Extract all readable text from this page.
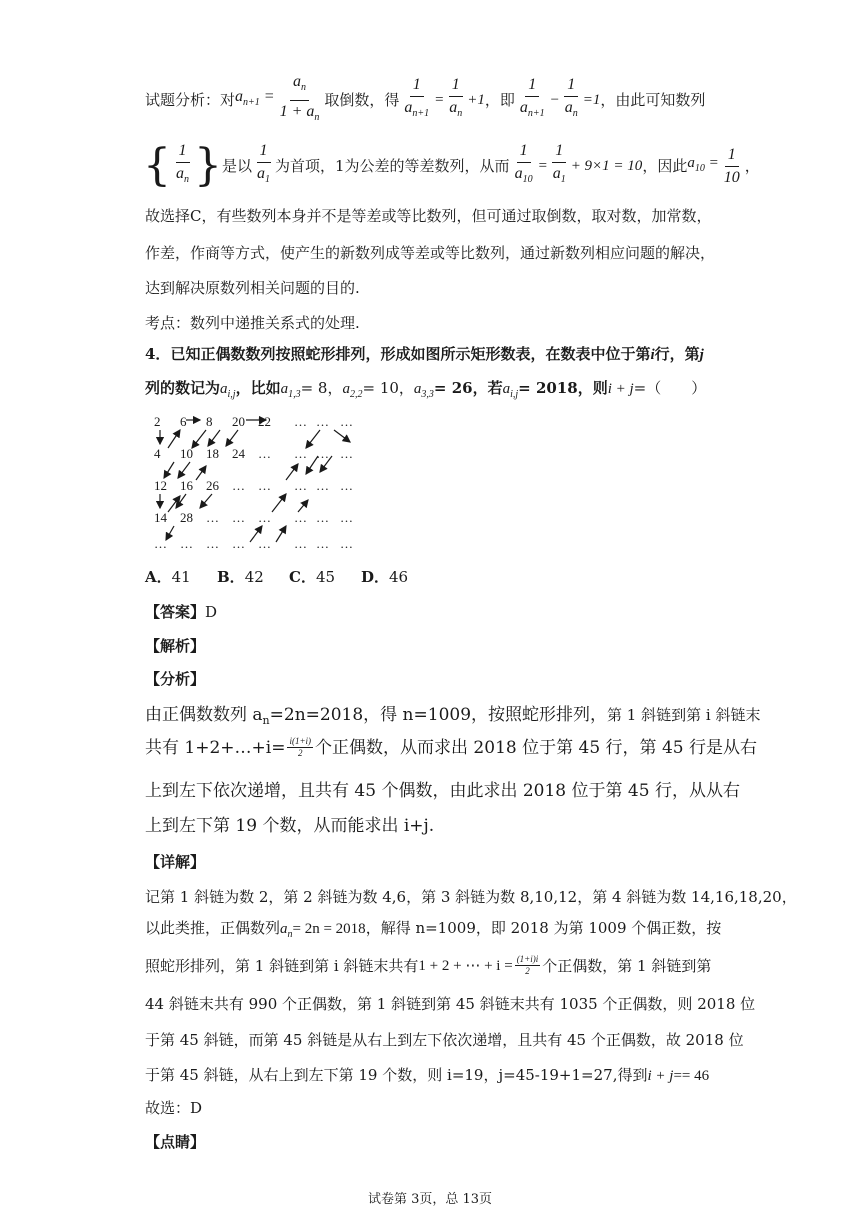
试题分析：对 $a_{n+1} = \frac{a_n}{1 + a_n}$ 取倒数，得 $\frac{1}{a_{n+1}} = \frac{1}{a_n} +1$ ，即 $\frac{1}{a_{n+1}} - \frac{1}{a_n} =1$ ，由此可知数列
{ $\frac{1}{a_n}$ } 是以 $\frac{1}{a_1}$ 为首项，1为公差的等差数列，从而 $\frac{1}{a_{10}} = \frac{1}{a_1} + 9\times 1 = 10$ ，因此 $a_{10} = \frac{1}{10}$ ，
故选择C，有些数列本身并不是等差或等比数列，但可通过取倒数，取对数，加常数，
作差，作商等方式，使产生的新数列成等差或等比数列，通过新数列相应问题的解决，
达到解决原数列相关问题的目的.
考点：数列中递推关系式的处理.
4． 已知正偶数数列按照蛇形排列，形成如图所示矩形数表，在数表中位于第 i 行，第 j
列的数记为 $a_{i,j}$ ，比如 $a_{1,3} = 8$， $a_{2,2} = 10$， $a_{3,3} = 26$，若 $a_{i,j} = 2018$，则 i + j =（　　）
2 6 8 20 22 … … …
4 10 18 24 … … … …
12 16 26 … … … … …
14 28 … … … … … …
… … … … … … … …
A．41	B．42	C．45	D．46
【答案】D
【解析】
【分析】
由正偶数数列 $a_n=2n=2018$，得 n=1009，按照蛇形排列，第 1 斜链到第 i 斜链末
共有 1+2+…+i= $\frac{i(1+i)}{2}$ 个正偶数，从而求出 2018 位于第 45 行，第 45 行是从右
上到左下依次递增，且共有 45 个偶数，由此求出 2018 位于第 45 行，从从右
上到左下第 19 个数，从而能求出 i+j.
【详解】
记第 1 斜链为数 2，第 2 斜链为数 4,6，第 3 斜链为数 8,10,12，第 4 斜链为数 14,16,18,20，
以此类推，正偶数列 $a_n = 2n = 2018$ ，解得 n=1009，即 2018 为第 1009 个偶正数，按
照蛇形排列，第 1 斜链到第 i 斜链末共有 1 + 2 + ⋯ + $i = \frac{(1+i)i}{2}$ 个正偶数，第 1 斜链到第
44 斜链末共有 990 个正偶数，第 1 斜链到第 45 斜链末共有 1035 个正偶数，则 2018 位
于第 45 斜链，而第 45 斜链是从右上到左下依次递增，且共有 45 个正偶数，故 2018 位
于第 45 斜链，从右上到左下第 19 个数，则 i=19，j=45-19+1=27,得到 i + j == 46
故选：D
【点睛】
试卷第 3页，总 13页
